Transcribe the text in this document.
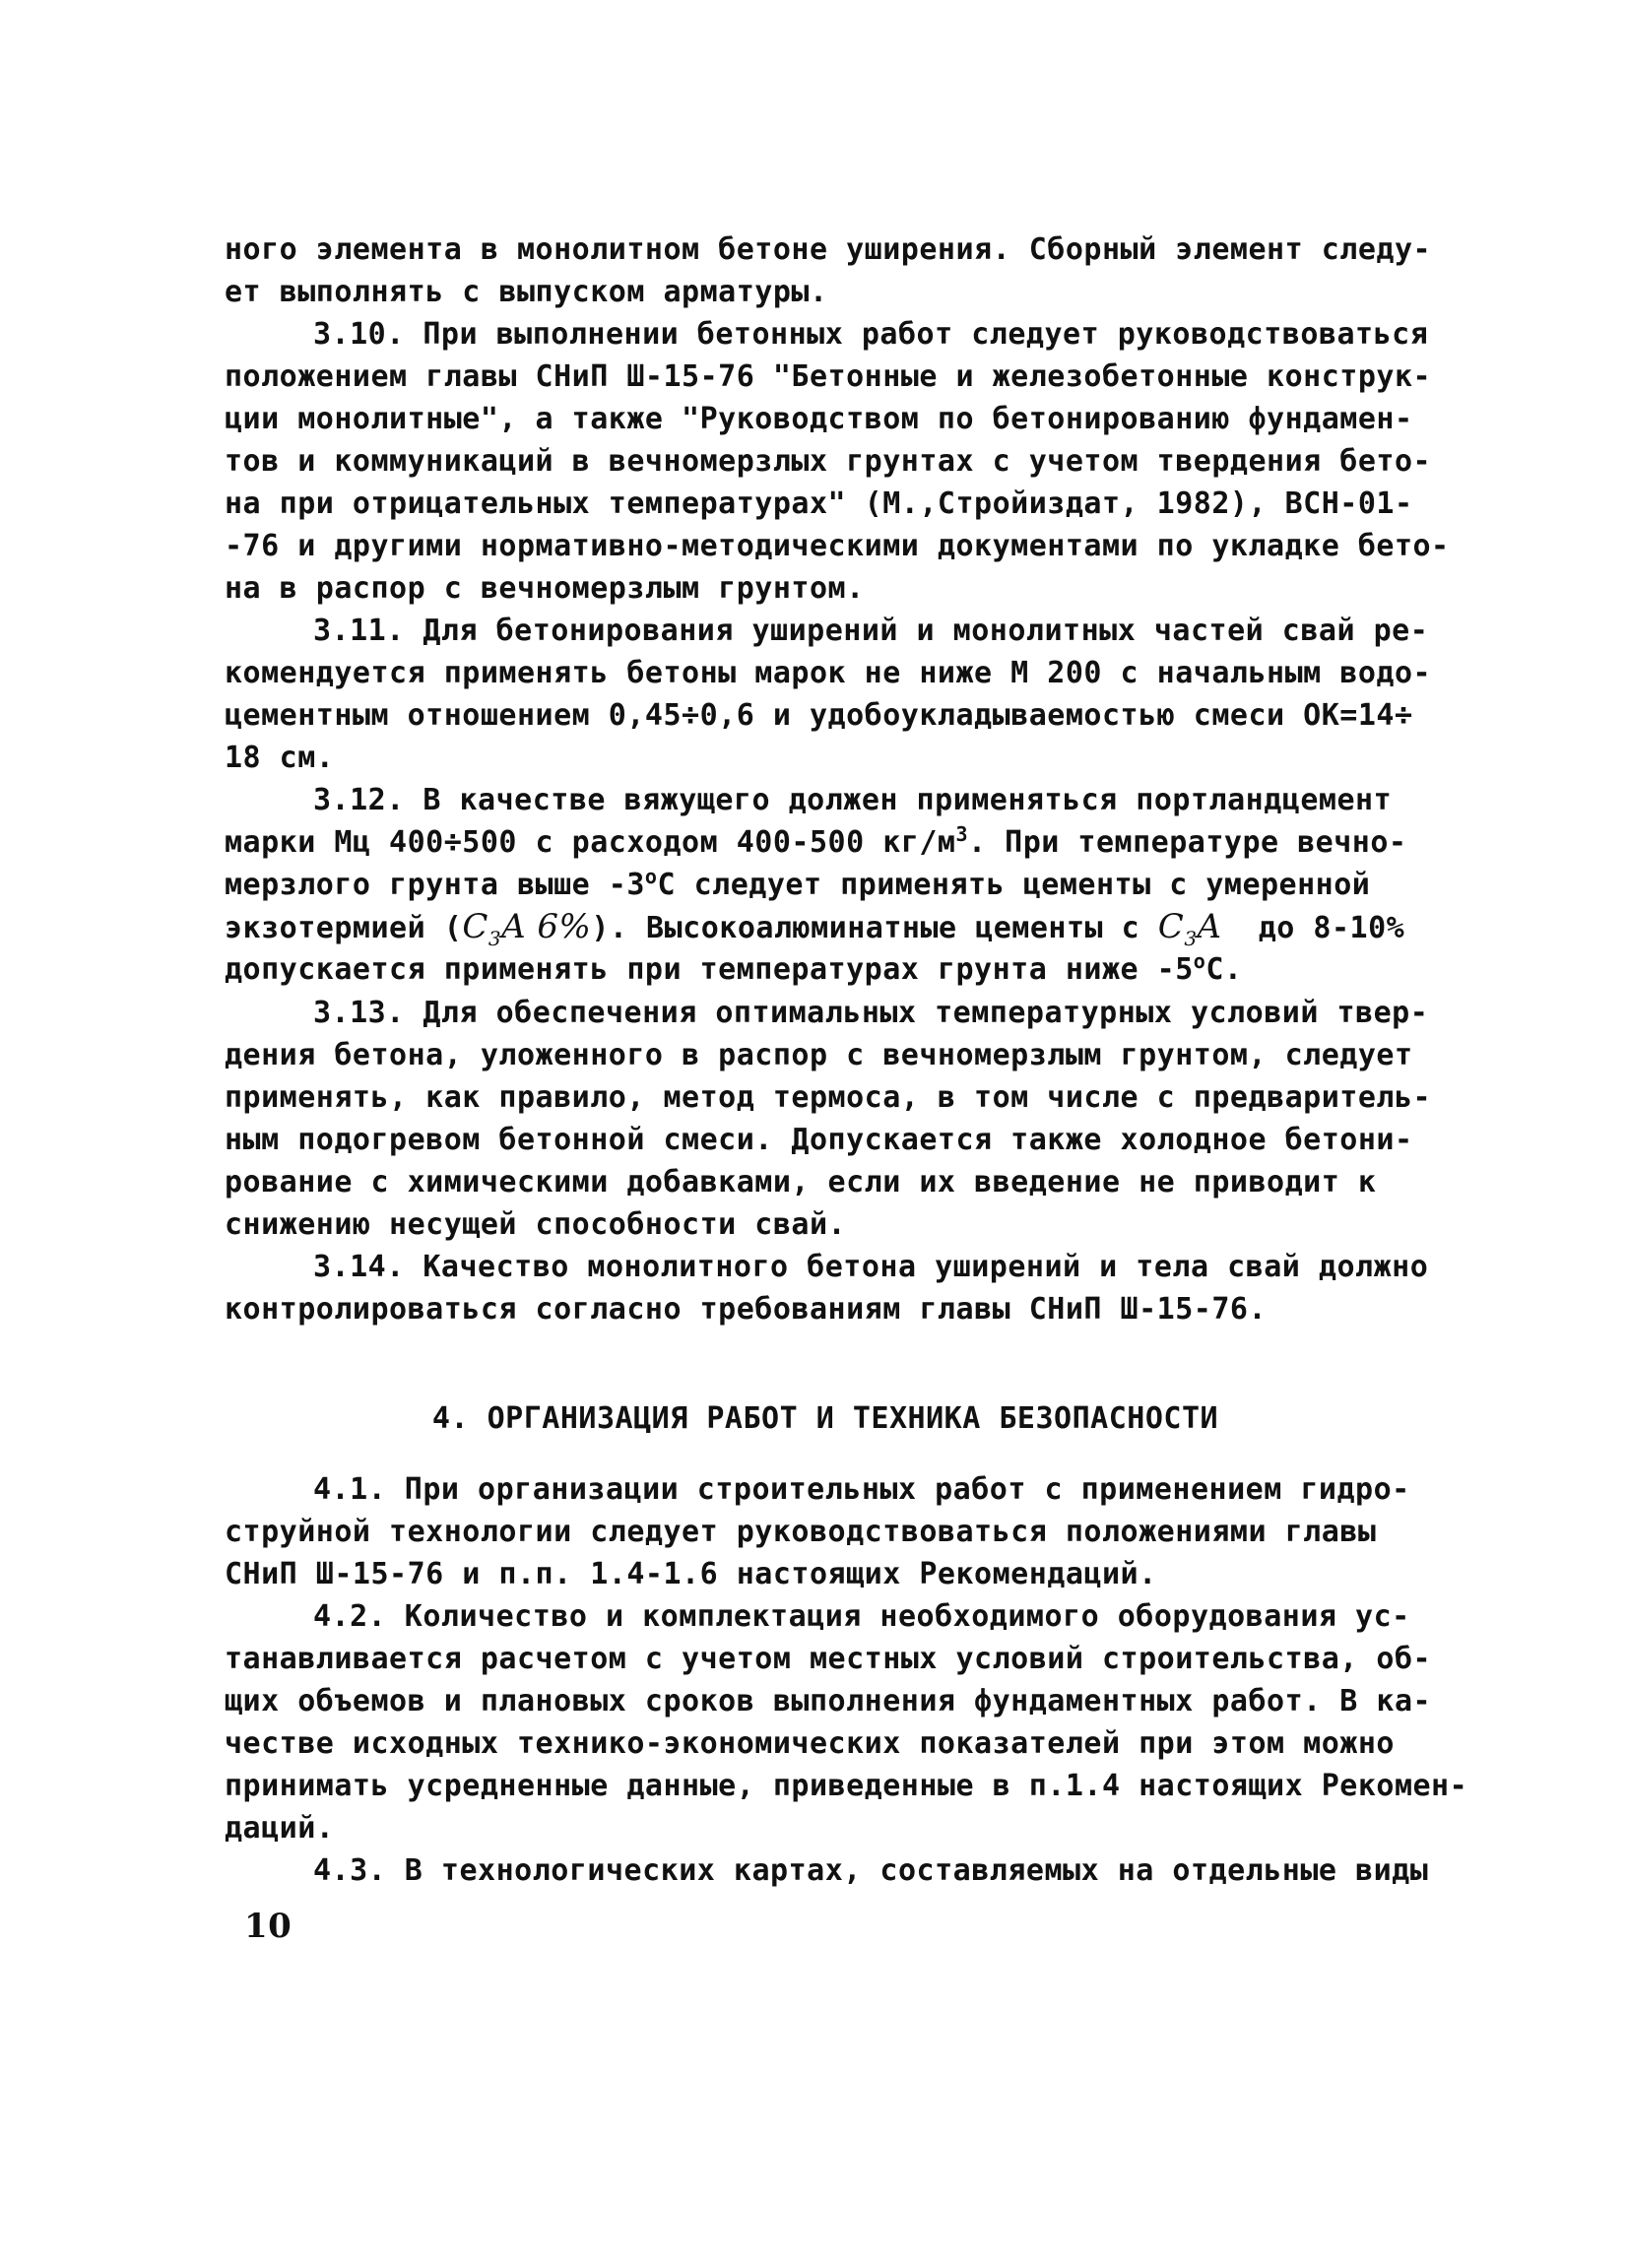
ного элемента в монолитном бетоне уширения. Сборный элемент следу-
ет выполнять с выпуском арматуры.
3.10. При выполнении бетонных работ следует руководствоваться
положением главы СНиП Ш-15-76 "Бетонные и железобетонные конструк-
ции монолитные", а также "Руководством по бетонированию фундамен-
тов и коммуникаций в вечномерзлых грунтах с учетом твердения бето-
на при отрицательных температурах" (М.,Стройиздат, 1982), ВСН-01-
-76 и другими нормативно-методическими документами по укладке бето-
на в распор с вечномерзлым грунтом.
3.11. Для бетонирования уширений и монолитных частей свай ре-
комендуется применять бетоны марок не ниже М 200 с начальным водо-
цементным отношением 0,45÷0,6 и удобоукладываемостью смеси ОК=14÷
18 см.
3.12. В качестве вяжущего должен применяться портландцемент
марки Мц 400÷500 с расходом 400-500 $кг/м^3$. При температуре вечно-
мерзлого грунта выше -3$^o$С следует применять цементы с умеренной
экзотермией ($C_3A$ 6%). Высокоалюминатные цементы с $C_3A$  до 8-10%
допускается применять при температурах грунта ниже -5$^o$С.
3.13. Для обеспечения оптимальных температурных условий твер-
дения бетона, уложенного в распор с вечномерзлым грунтом, следует
применять, как правило, метод термоса, в том числе с предваритель-
ным подогревом бетонной смеси. Допускается также холодное бетони-
рование с химическими добавками, если их введение не приводит к
снижению несущей способности свай.
3.14. Качество монолитного бетона уширений и тела свай должно
контролироваться согласно требованиям главы СНиП Ш-15-76.
4. ОРГАНИЗАЦИЯ РАБОТ И ТЕХНИКА БЕЗОПАСНОСТИ
4.1. При организации строительных работ с применением гидро-
струйной технологии следует руководствоваться положениями главы
СНиП Ш-15-76 и п.п. 1.4-1.6 настоящих Рекомендаций.
4.2. Количество и комплектация необходимого оборудования ус-
танавливается расчетом с учетом местных условий строительства, об-
щих объемов и плановых сроков выполнения фундаментных работ. В ка-
честве исходных технико-экономических показателей при этом можно
принимать усредненные данные, приведенные в п.1.4 настоящих Рекомен-
даций.
4.3. В технологических картах, составляемых на отдельные виды
10
